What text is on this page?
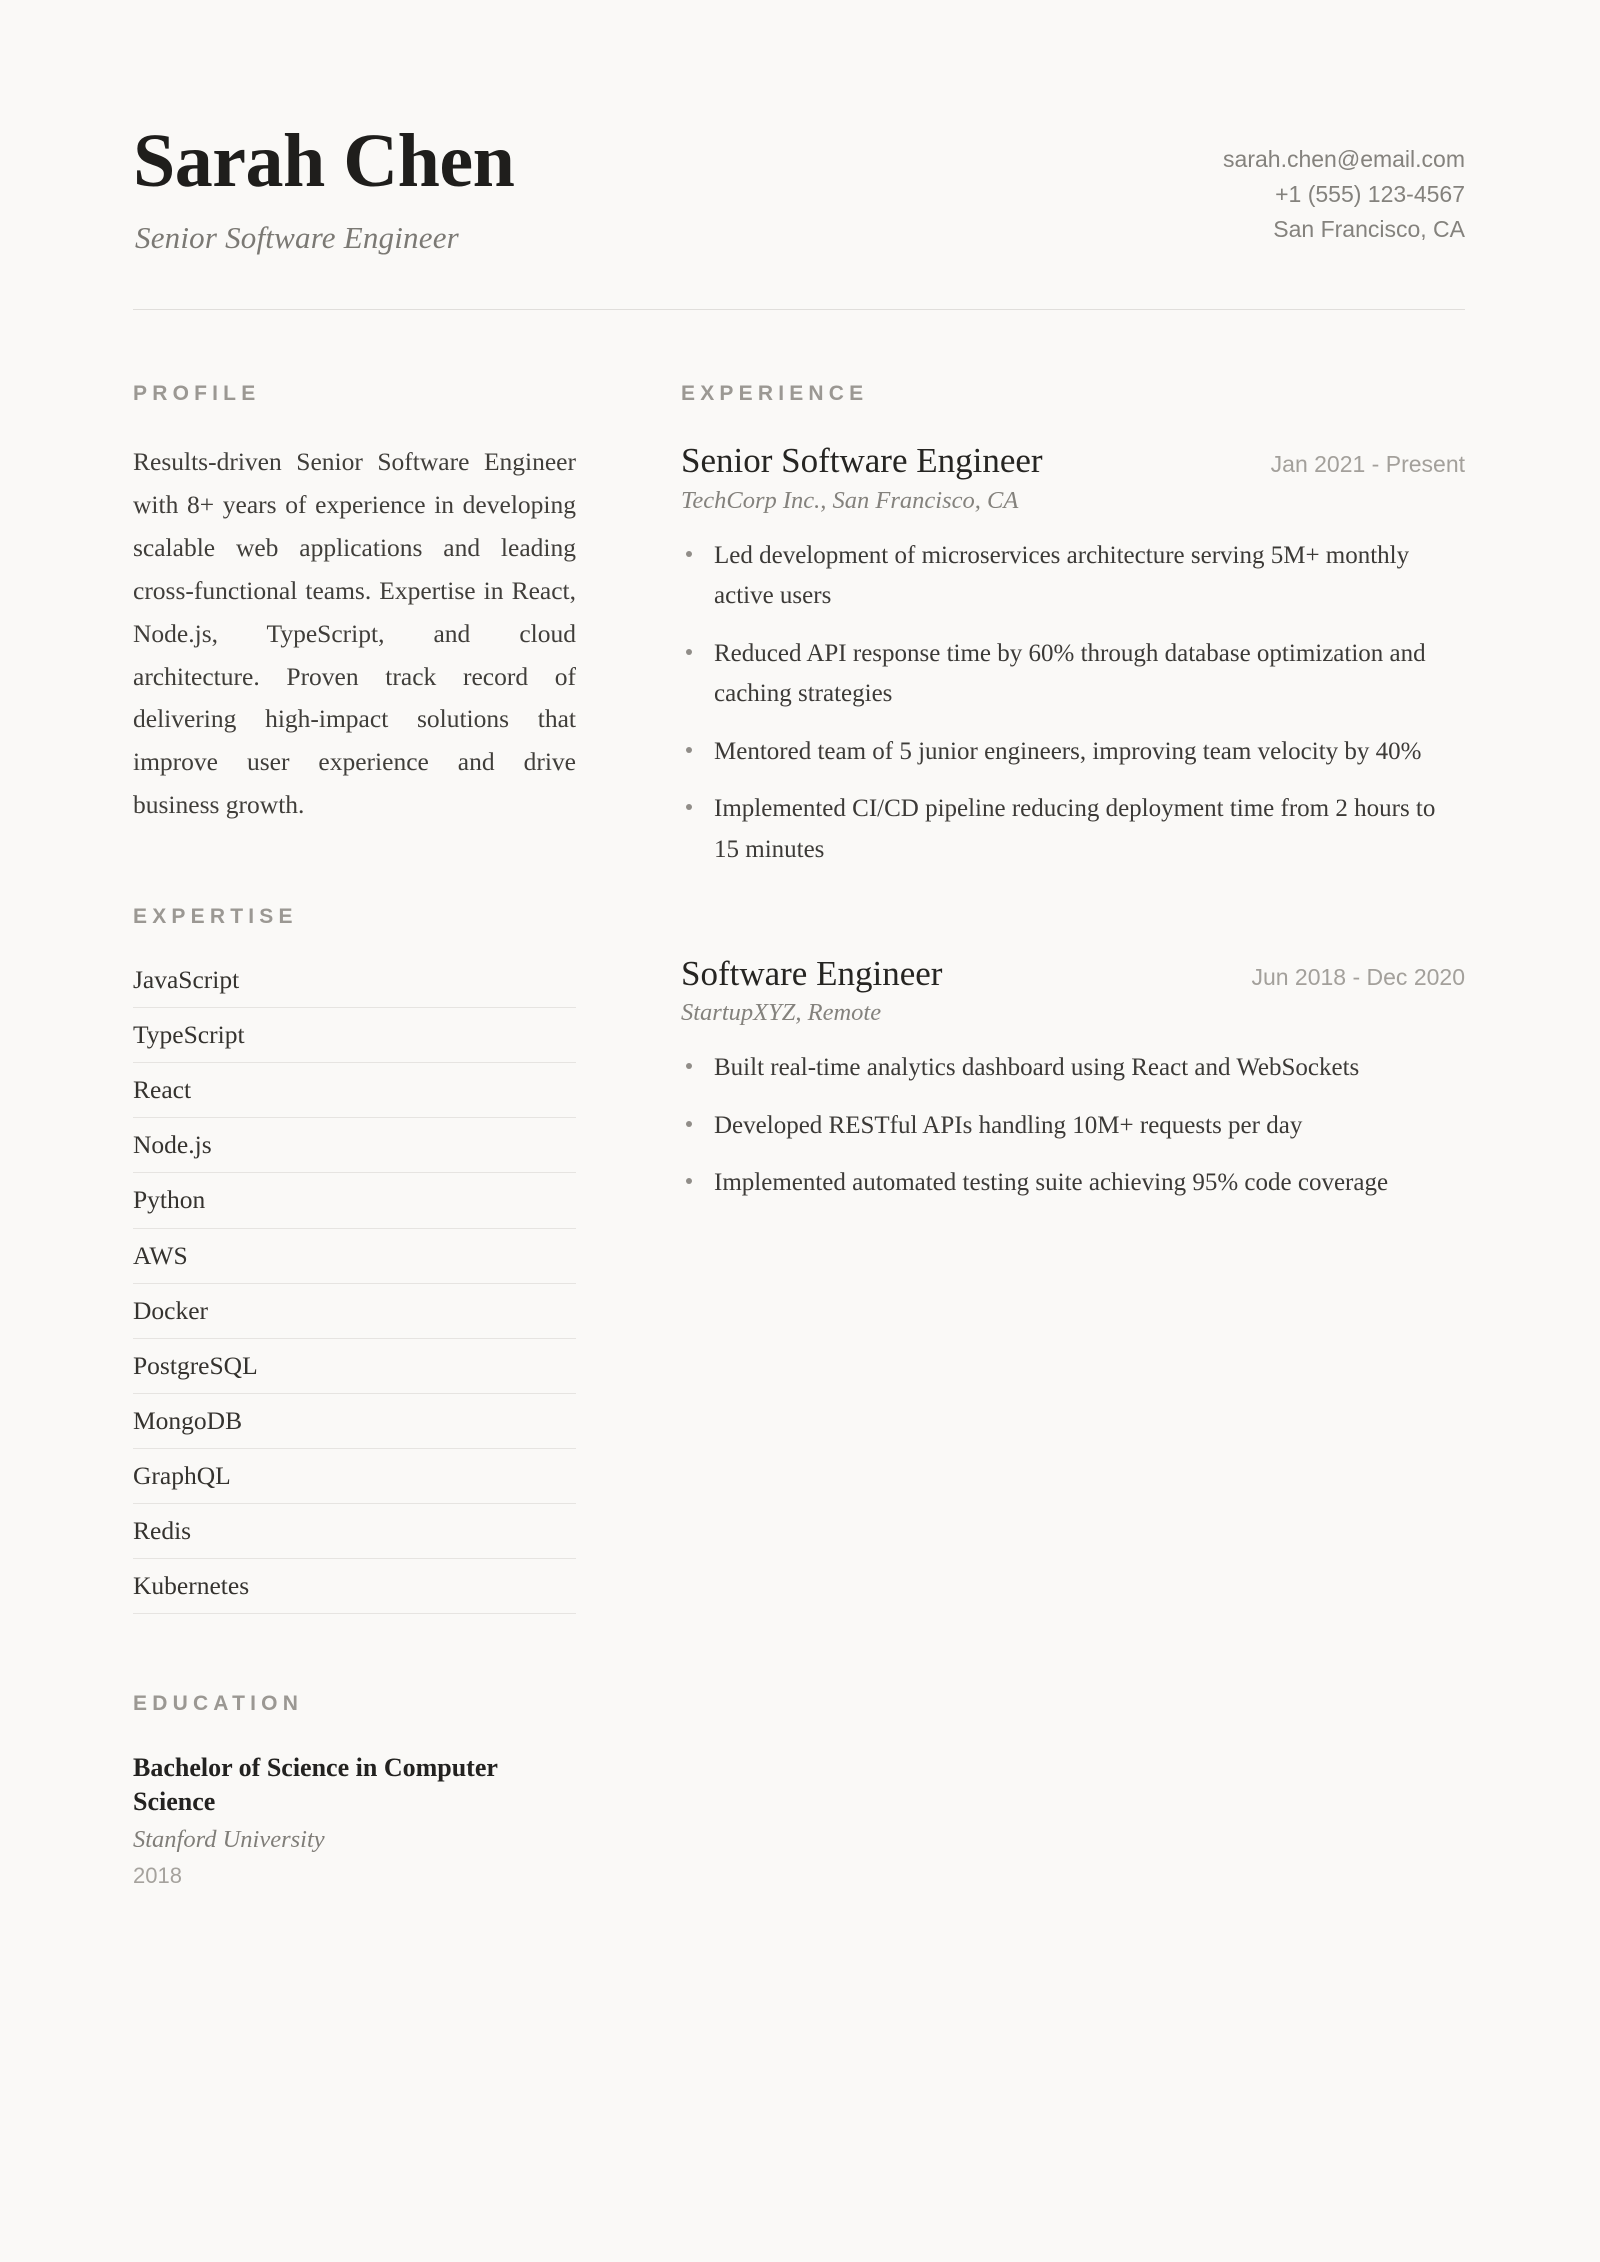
Sarah Chen
Senior Software Engineer
sarah.chen@email.com
+1 (555) 123-4567
San Francisco, CA
PROFILE

Results-driven Senior Software Engineer with 8+ years of experience in developing scalable web applications and leading cross-functional teams. Expertise in React, Node.js, TypeScript, and cloud architecture. Proven track record of delivering high-impact solutions that improve user experience and drive business growth.

EXPERTISE
JavaScript
TypeScript
React
Node.js
Python
AWS
Docker
PostgreSQL
MongoDB
GraphQL
Redis
Kubernetes
EDUCATION
Bachelor of Science in Computer Science
Stanford University
2018
EXPERIENCE
Senior Software Engineer	Jan 2021 - Present
TechCorp Inc., San Francisco, CA
Led development of microservices architecture serving 5M+ monthly active users
Reduced API response time by 60% through database optimization and caching strategies
Mentored team of 5 junior engineers, improving team velocity by 40%
Implemented CI/CD pipeline reducing deployment time from 2 hours to 15 minutes
Software Engineer	Jun 2018 - Dec 2020
StartupXYZ, Remote
Built real-time analytics dashboard using React and WebSockets
Developed RESTful APIs handling 10M+ requests per day
Implemented automated testing suite achieving 95% code coverage
